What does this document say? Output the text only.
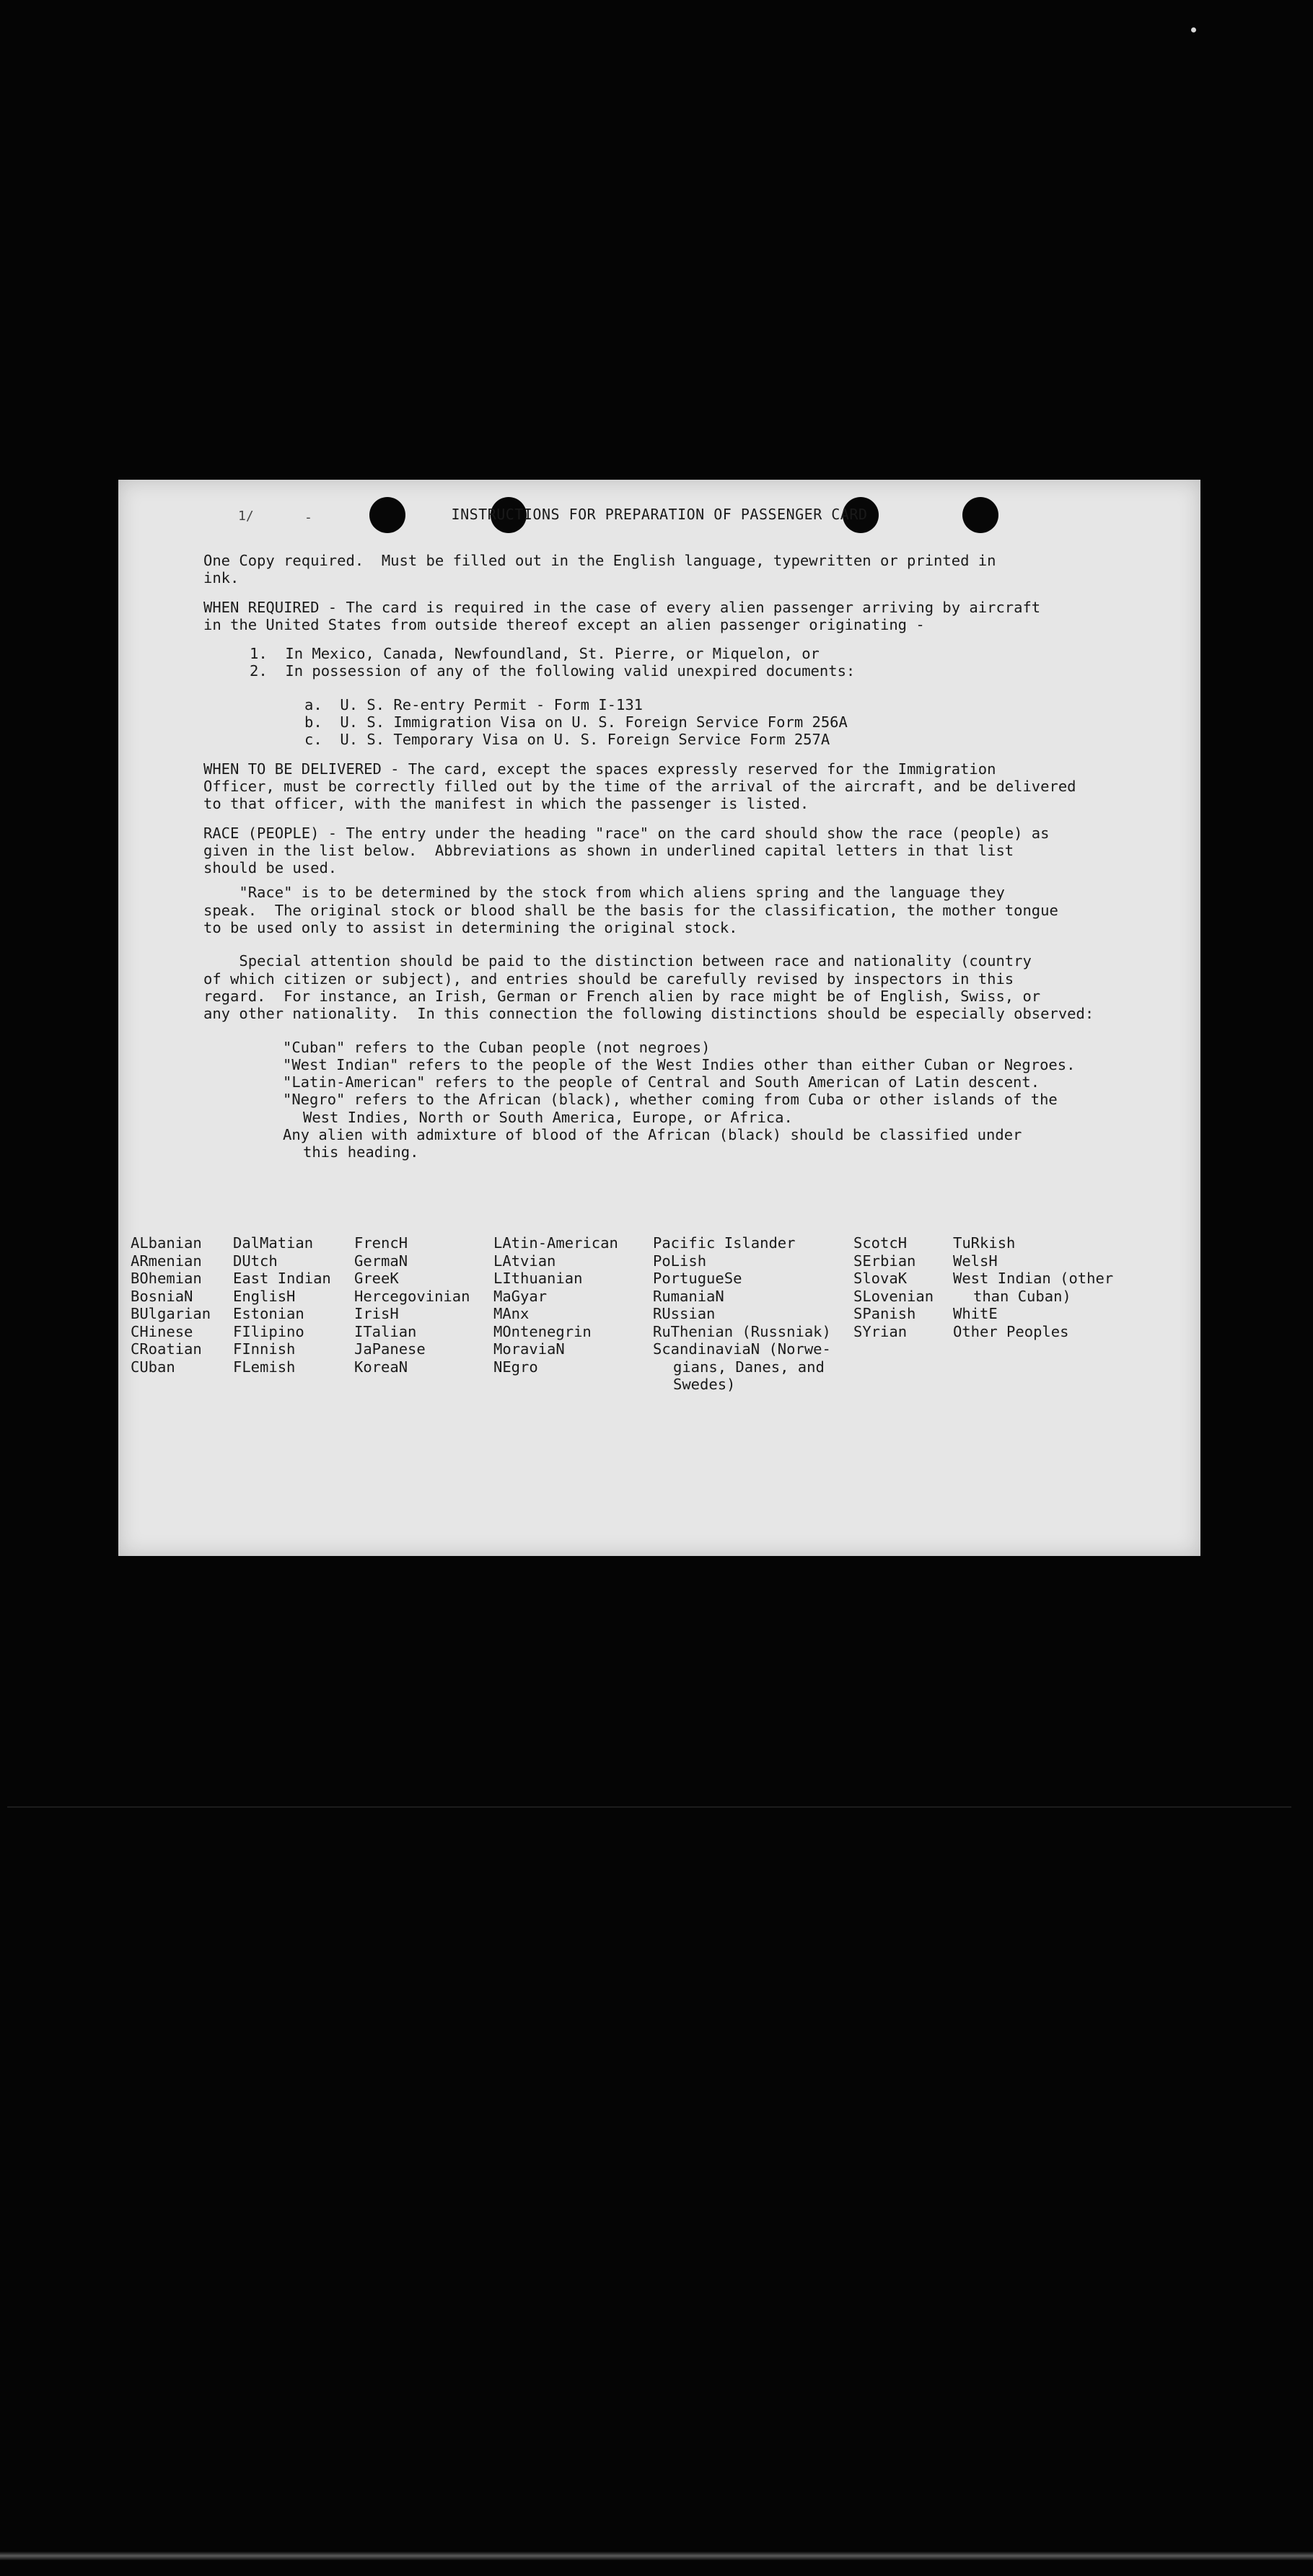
1/	-	INSTRUCTIONS FOR PREPARATION OF PASSENGER CARD

One Copy required.  Must be filled out in the English language, typewritten or printed in
ink.

WHEN REQUIRED - The card is required in the case of every alien passenger arriving by aircraft
in the United States from outside thereof except an alien passenger originating -

1. In Mexico, Canada, Newfoundland, St. Pierre, or Miquelon, or

2. In possession of any of the following valid unexpired documents:

a. U. S. Re-entry Permit - Form I-131

b. U. S. Immigration Visa on U. S. Foreign Service Form 256A

c. U. S. Temporary Visa on U. S. Foreign Service Form 257A

WHEN TO BE DELIVERED - The card, except the spaces expressly reserved for the Immigration
Officer, must be correctly filled out by the time of the arrival of the aircraft, and be delivered
to that officer, with the manifest in which the passenger is listed.

RACE (PEOPLE) - The entry under the heading "race" on the card should show the race (people) as
given in the list below.  Abbreviations as shown in underlined capital letters in that list
should be used.

"Race" is to be determined by the stock from which aliens spring and the language they
speak.  The original stock or blood shall be the basis for the classification, the mother tongue
to be used only to assist in determining the original stock.

Special attention should be paid to the distinction between race and nationality (country
of which citizen or subject), and entries should be carefully revised by inspectors in this
regard.  For instance, an Irish, German or French alien by race might be of English, Swiss, or
any other nationality.  In this connection the following distinctions should be especially observed:

"Cuban" refers to the Cuban people (not negroes)

"West Indian" refers to the people of the West Indies other than either Cuban or Negroes.

"Latin-American" refers to the people of Central and South American of Latin descent.

"Negro" refers to the African (black), whether coming from Cuba or other islands of the

West Indies, North or South America, Europe, or Africa.

Any alien with admixture of blood of the African (black) should be classified under

this heading.

ALbanian
ARmenian
BOhemian
BosniaN
BUlgarian
CHinese
CRoatian
CUban
DalMatian
DUtch
East Indian
EnglisH
Estonian
FIlipino
FInnish
FLemish
FrencH
GermaN
GreeK
Hercegovinian
IrisH
ITalian
JaPanese
KoreaN
LAtin-American
LAtvian
LIthuanian
MaGyar
MAnx
MOntenegrin
MoraviaN
NEgro
Pacific Islander
PoLish
PortugueSe
RumaniaN
RUssian
RuThenian (Russniak)
ScandinaviaN (Norwe-
gians, Danes, and
Swedes)
ScotcH
SErbian
SlovaK
SLovenian
SPanish
SYrian
TuRkish
WelsH
West Indian (other
than Cuban)
WhitE
Other Peoples
